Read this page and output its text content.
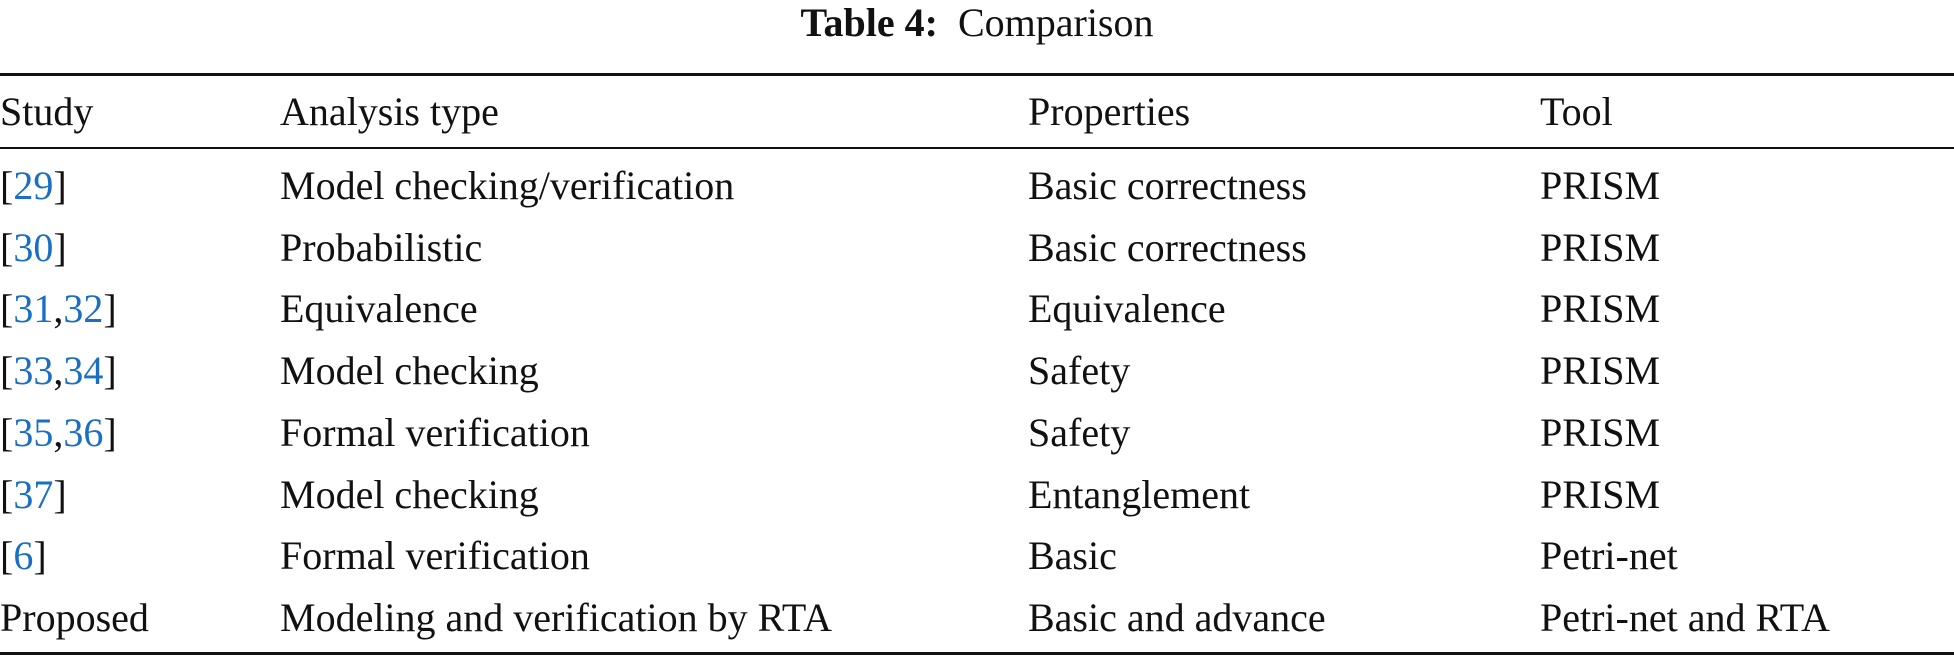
Table 4: Comparison
Study	Analysis type	Properties	Tool
[29]	Model checking/verification	Basic correctness	PRISM
[30]	Probabilistic	Basic correctness	PRISM
[31,32]	Equivalence	Equivalence	PRISM
[33,34]	Model checking	Safety	PRISM
[35,36]	Formal verification	Safety	PRISM
[37]	Model checking	Entanglement	PRISM
[6]	Formal verification	Basic	Petri-net
Proposed	Modeling and verification by RTA	Basic and advance	Petri-net and RTA
